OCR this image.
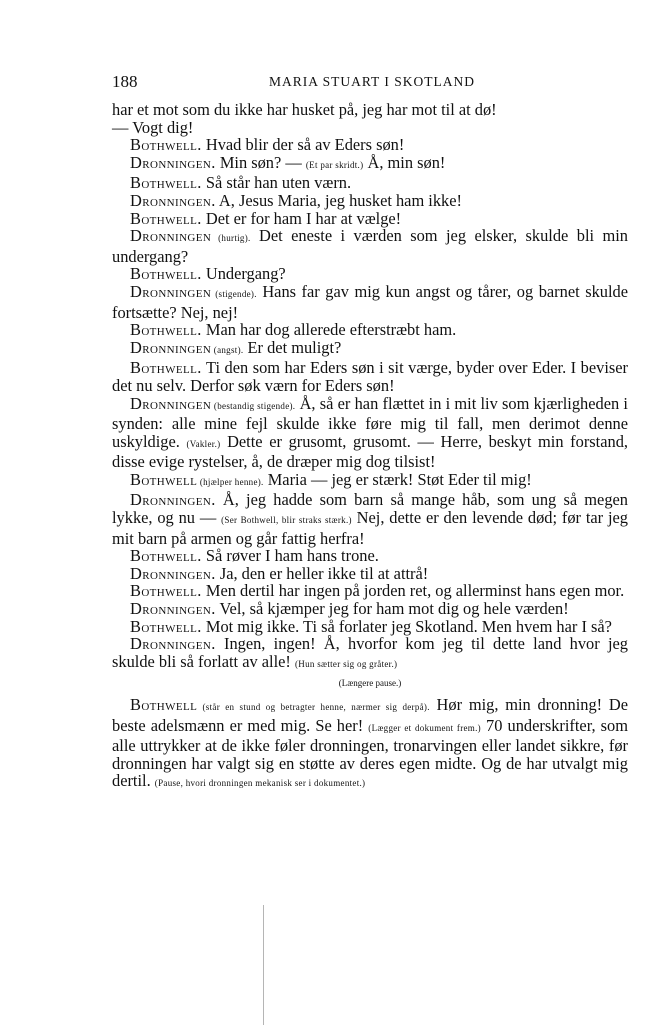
188	MARIA STUART I SKOTLAND

har et mot som du ikke har husket på, jeg har mot til at dø!

— Vogt dig!

Bothwell. Hvad blir der så av Eders søn!

Dronningen. Min søn? — (Et par skridt.) Å, min søn!

Bothwell. Så står han uten værn.

Dronningen. A, Jesus Maria, jeg husket ham ikke!

Bothwell. Det er for ham I har at vælge!

Dronningen (hurtig). Det eneste i værden som jeg elsker, skulde bli min undergang?

Bothwell. Undergang?

Dronningen (stigende). Hans far gav mig kun angst og tårer, og barnet skulde fortsætte? Nej, nej!

Bothwell. Man har dog allerede efterstræbt ham.

Dronningen (angst). Er det muligt?

Bothwell. Ti den som har Eders søn i sit værge, byder over Eder. I beviser det nu selv. Derfor søk værn for Eders søn!

Dronningen (bestandig stigende). Å, så er han flættet in i mit liv som kjærligheden i synden: alle mine fejl skulde ikke føre mig til fall, men derimot denne uskyldige. (Vakler.) Dette er grusomt, grusomt. — Herre, beskyt min forstand, disse evige rystelser, å, de dræper mig dog tilsist!

Bothwell (hjælper henne). Maria — jeg er stærk! Støt Eder til mig!

Dronningen. Å, jeg hadde som barn så mange håb, som ung så megen lykke, og nu — (Ser Bothwell, blir straks stærk.) Nej, dette er den levende død; før tar jeg mit barn på armen og går fattig herfra!

Bothwell. Så røver I ham hans trone.

Dronningen. Ja, den er heller ikke til at attrå!

Bothwell. Men dertil har ingen på jorden ret, og allerminst hans egen mor.

Dronningen. Vel, så kjæmper jeg for ham mot dig og hele værden!

Bothwell. Mot mig ikke. Ti så forlater jeg Skotland. Men hvem har I så?

Dronningen. Ingen, ingen! Å, hvorfor kom jeg til dette land hvor jeg skulde bli så forlatt av alle! (Hun sætter sig og gråter.)

(Længere pause.)

Bothwell (står en stund og betragter henne, nærmer sig derpå). Hør mig, min dronning! De beste adelsmænn er med mig. Se her! (Lægger et dokument frem.) 70 underskrifter, som alle uttrykker at de ikke føler dronningen, tronarvingen eller landet sikkre, før dronningen har valgt sig en støtte av deres egen midte. Og de har utvalgt mig dertil. (Pause, hvori dronningen mekanisk ser i dokumentet.)
